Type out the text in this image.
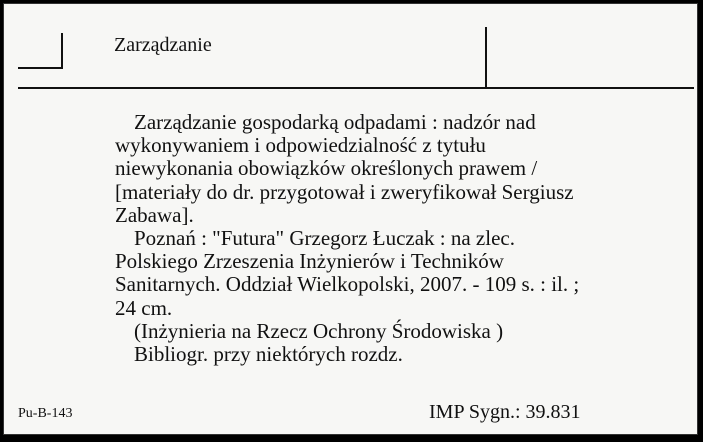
Zarządzanie

Zarządzanie gospodarką odpadami : nadzór nad wykonywaniem i odpowiedzialność z tytułu niewykonania obowiązków określonych prawem / [materiały do dr. przygotował i zweryfikował Sergiusz Zabawa].

Poznań : "Futura" Grzegorz Łuczak : na zlec. Polskiego Zrzeszenia Inżynierów i Techników Sanitarnych. Oddział Wielkopolski, 2007. - 109 s. : il. ; 24 cm.

(Inżynieria na Rzecz Ochrony Środowiska )

Bibliogr. przy niektórych rozdz.

Pu-B-143	IMP Sygn.: 39.831
